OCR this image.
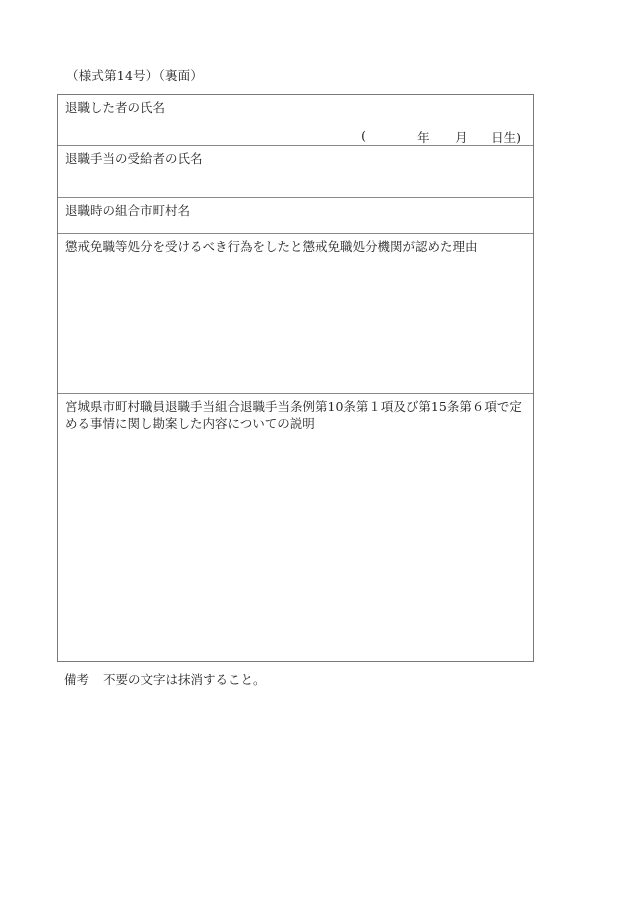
（様式第14号）（裏面）
退職した者の氏名
(	年	月	日生)
退職手当の受給者の氏名
退職時の組合市町村名
懲戒免職等処分を受けるべき行為をしたと懲戒免職処分機関が認めた理由
宮城県市町村職員退職手当組合退職手当条例第10条第１項及び第15条第６項で定める事情に関し勘案した内容についての説明
備考 不要の文字は抹消すること。
